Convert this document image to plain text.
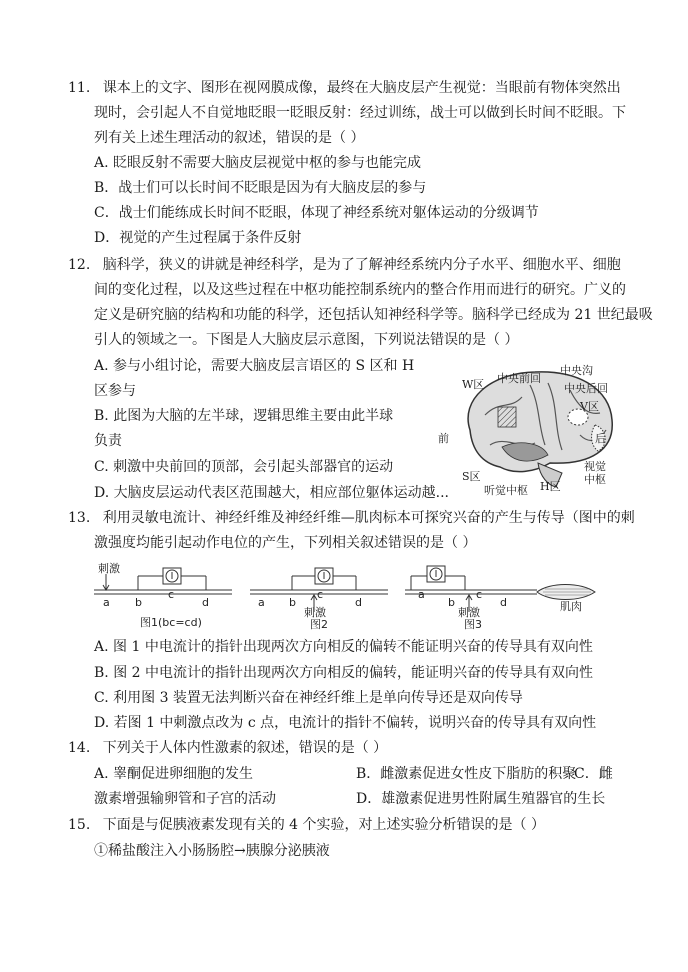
11. 课本上的文字、图形在视网膜成像，最终在大脑皮层产生视觉：当眼前有物体突然出
现时，会引起人不自觉地眨眼一眨眼反射：经过训练，战士可以做到长时间不眨眼。下
列有关上述生理活动的叙述，错误的是（ ）
A. 眨眼反射不需要大脑皮层视觉中枢的参与也能完成
B．战士们可以长时间不眨眼是因为有大脑皮层的参与
C．战士们能练成长时间不眨眼，体现了神经系统对躯体运动的分级调节
D．视觉的产生过程属于条件反射
12. 脑科学，狭义的讲就是神经科学，是为了了解神经系统内分子水平、细胞水平、细胞
间的变化过程，以及这些过程在中枢功能控制系统内的整合作用而进行的研究。广义的
定义是研究脑的结构和功能的科学，还包括认知神经科学等。脑科学已经成为 21 世纪最吸
引人的领域之一。下图是人大脑皮层示意图，下列说法错误的是（ ）
A. 参与小组讨论，需要大脑皮层言语区的 S 区和 H
区参与
B. 此图为大脑的左半球，逻辑思维主要由此半球
负责
C. 刺激中央前回的顶部，会引起头部器官的运动
D. 大脑皮层运动代表区范围越大，相应部位躯体运动越...
W区 中央前回
中央沟
中央后回
V区
前	后
S区
听觉中枢 H区
视觉
中枢
13. 利用灵敏电流计、神经纤维及神经纤维—肌肉标本可探究兴奋的产生与传导（图中的刺
激强度均能引起动作电位的产生，下列相关叙述错误的是（ ）
刺激
a b
c
d
图1(bc=cd)
a b
c
d
刺激
图2
a
b
c
d
刺激
图3
肌肉
A. 图 1 中电流计的指针出现两次方向相反的偏转不能证明兴奋的传导具有双向性
B. 图 2 中电流计的指针出现两次方向相反的偏转，能证明兴奋的传导具有双向性
C. 利用图 3 装置无法判断兴奋在神经纤维上是单向传导还是双向传导
D. 若图 1 中刺激点改为 c 点，电流计的指针不偏转，说明兴奋的传导具有双向性
14. 下列关于人体内性激素的叙述，错误的是（ ）
A. 睾酮促进卵细胞的发生	B．雌激素促进女性皮下脂肪的积聚
C．雌
激素增强输卵管和子宫的活动	D．雄激素促进男性附属生殖器官的生长
15. 下面是与促胰液素发现有关的 4 个实验，对上述实验分析错误的是（ ）
①稀盐酸注入小肠肠腔→胰腺分泌胰液
